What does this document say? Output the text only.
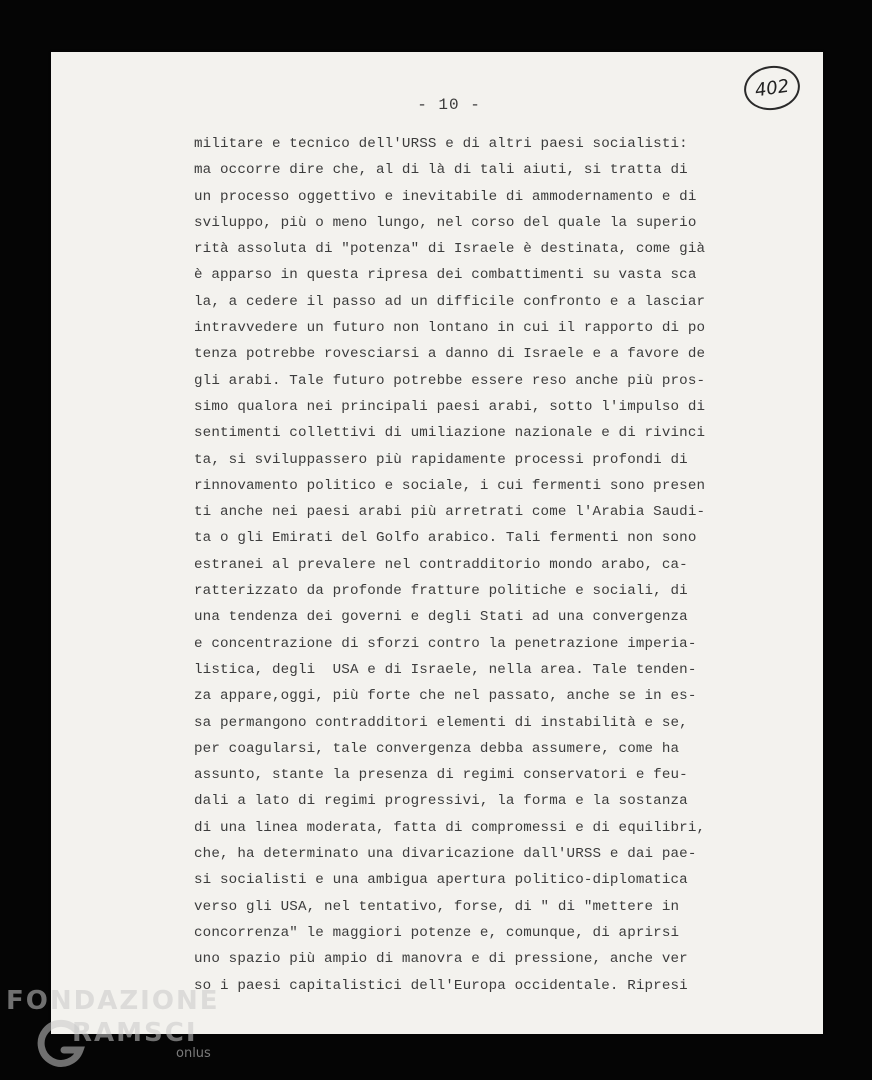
- 10 -
402
militare e tecnico dell'URSS e di altri paesi socialisti:
ma occorre dire che, al di là di tali aiuti, si tratta di
un processo oggettivo e inevitabile di ammodernamento e di
sviluppo, più o meno lungo, nel corso del quale la superio
rità assoluta di "potenza" di Israele è destinata, come già
è apparso in questa ripresa dei combattimenti su vasta sca
la, a cedere il passo ad un difficile confronto e a lasciar
intravvedere un futuro non lontano in cui il rapporto di po
tenza potrebbe rovesciarsi a danno di Israele e a favore de
gli arabi. Tale futuro potrebbe essere reso anche più pros-
simo qualora nei principali paesi arabi, sotto l'impulso di
sentimenti collettivi di umiliazione nazionale e di rivinci
ta, si sviluppassero più rapidamente processi profondi di
rinnovamento politico e sociale, i cui fermenti sono presen
ti anche nei paesi arabi più arretrati come l'Arabia Saudi-
ta o gli Emirati del Golfo arabico. Tali fermenti non sono
estranei al prevalere nel contradditorio mondo arabo, ca-
ratterizzato da profonde fratture politiche e sociali, di
una tendenza dei governi e degli Stati ad una convergenza
e concentrazione di sforzi contro la penetrazione imperia-
listica, degli  USA e di Israele, nella area. Tale tenden-
za appare,oggi, più forte che nel passato, anche se in es-
sa permangono contradditori elementi di instabilità e se,
per coagularsi, tale convergenza debba assumere, come ha
assunto, stante la presenza di regimi conservatori e feu-
dali a lato di regimi progressivi, la forma e la sostanza
di una linea moderata, fatta di compromessi e di equilibri,
che, ha determinato una divaricazione dall'URSS e dai pae-
si socialisti e una ambigua apertura politico-diplomatica
verso gli USA, nel tentativo, forse, di " di "mettere in
concorrenza" le maggiori potenze e, comunque, di aprirsi
uno spazio più ampio di manovra e di pressione, anche ver
so i paesi capitalistici dell'Europa occidentale. Ripresi
FONDAZIONE
RAMSCI
onlus
